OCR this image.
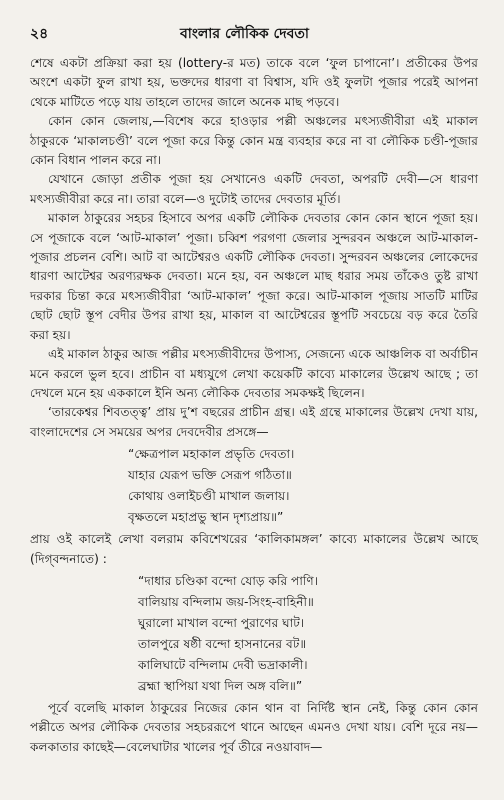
২৪	বাংলার লৌকিক দেবতা

শেষে একটা প্রক্রিয়া করা হয় (lottery-র মত) তাকে বলে ‘ফুল চাপানো’। প্রতীকের উপর অংশে একটা ফুল রাখা হয়, ভক্তদের ধারণা বা বিশ্বাস, যদি ওই ফুলটা পূজার পরেই আপনা থেকে মাটিতে পড়ে যায় তাহলে তাদের জালে অনেক মাছ পড়বে।

কোন কোন জেলায়,—বিশেষ করে হাওড়ার পল্লী অঞ্চলের মৎস্যজীবীরা এই মাকাল ঠাকুরকে ‘মাকালচণ্ডী’ বলে পূজা করে কিন্তু কোন মন্ত্র ব্যবহার করে না বা লৌকিক চণ্ডী-পূজার কোন বিধান পালন করে না।

যেখানে জোড়া প্রতীক পূজা হয় সেখানেও একটি দেবতা, অপরটি দেবী—সে ধারণা মৎস্যজীবীরা করে না। তারা বলে—ও দুটোই তাদের দেবতার মূর্তি।

মাকাল ঠাকুরের সহচর হিসাবে অপর একটি লৌকিক দেবতার কোন কোন স্থানে পূজা হয়। সে পূজাকে বলে ‘আট-মাকাল’ পূজা। চব্বিশ পরগণা জেলার সুন্দরবন অঞ্চলে আট-মাকাল-পূজার প্রচলন বেশি। আট বা আটেশ্বরও একটি লৌকিক দেবতা। সুন্দরবন অঞ্চলের লোকেদের ধারণা আটেশ্বর অরণ্যরক্ষক দেবতা। মনে হয়, বন অঞ্চলে মাছ ধরার সময় তাঁকেও তুষ্ট রাখা দরকার চিন্তা করে মৎস্যজীবীরা ‘আট-মাকাল’ পূজা করে। আট-মাকাল পূজায় সাতটি মাটির ছোট ছোট স্তূপ বেদীর উপর রাখা হয়, মাকাল বা আটেশ্বরের স্তূপটি সবচেয়ে বড় করে তৈরি করা হয়।

এই মাকাল ঠাকুর আজ পল্লীর মৎস্যজীবীদের উপাস্য, সেজন্যে একে আঞ্চলিক বা অর্বাচীন মনে করলে ভুল হবে। প্রাচীন বা মধ্যযুগে লেখা কয়েকটি কাব্যে মাকালের উল্লেখ আছে ; তা দেখলে মনে হয় এককালে ইনি অন্য লৌকিক দেবতার সমকক্ষই ছিলেন।

‘তারকেশ্বর শিবতত্ত্ব’ প্রায় দু’শ বছরের প্রাচীন গ্রন্থ। এই গ্রন্থে মাকালের উল্লেখ দেখা যায়, বাংলাদেশের সে সময়ের অপর দেবদেবীর প্রসঙ্গে—

“ক্ষেত্রপাল মহাকাল প্রভৃতি দেবতা।
যাহার যেরূপ ভক্তি সেরূপ গঠিতা॥
কোথায় ওলাইচণ্ডী মাখাল জলায়।
বৃক্ষতলে মহাপ্রভু স্থান দৃশ্যপ্রায়॥”

প্রায় ওই কালেই লেখা বলরাম কবিশেখরের ‘কালিকামঙ্গল’ কাব্যে মাকালের উল্লেখ আছে (দিগ্‌বন্দনাতে) :

“দাধার চণ্ডিকা বন্দো যোড় করি পাণি।
বালিয়ায় বন্দিলাম জয়-সিংহ-বাহিনী॥
ঘুরালো মাখাল বন্দো পুরাণের ঘাট।
তালপুরে ষষ্ঠী বন্দো হাসনানের বট॥
কালিঘাটে বন্দিলাম দেবী ভদ্রাকালী।
ব্রহ্মা স্থাপিয়া যথা দিল অঙ্গ বলি॥”

পূর্বে বলেছি মাকাল ঠাকুরের নিজের কোন থান বা নির্দিষ্ট স্থান নেই, কিন্তু কোন কোন পল্লীতে অপর লৌকিক দেবতার সহচররূপে থানে আছেন এমনও দেখা যায়। বেশি দূরে নয়—কলকাতার কাছেই—বেলেঘাটার খালের পূর্ব তীরে নওয়াবাদ—
